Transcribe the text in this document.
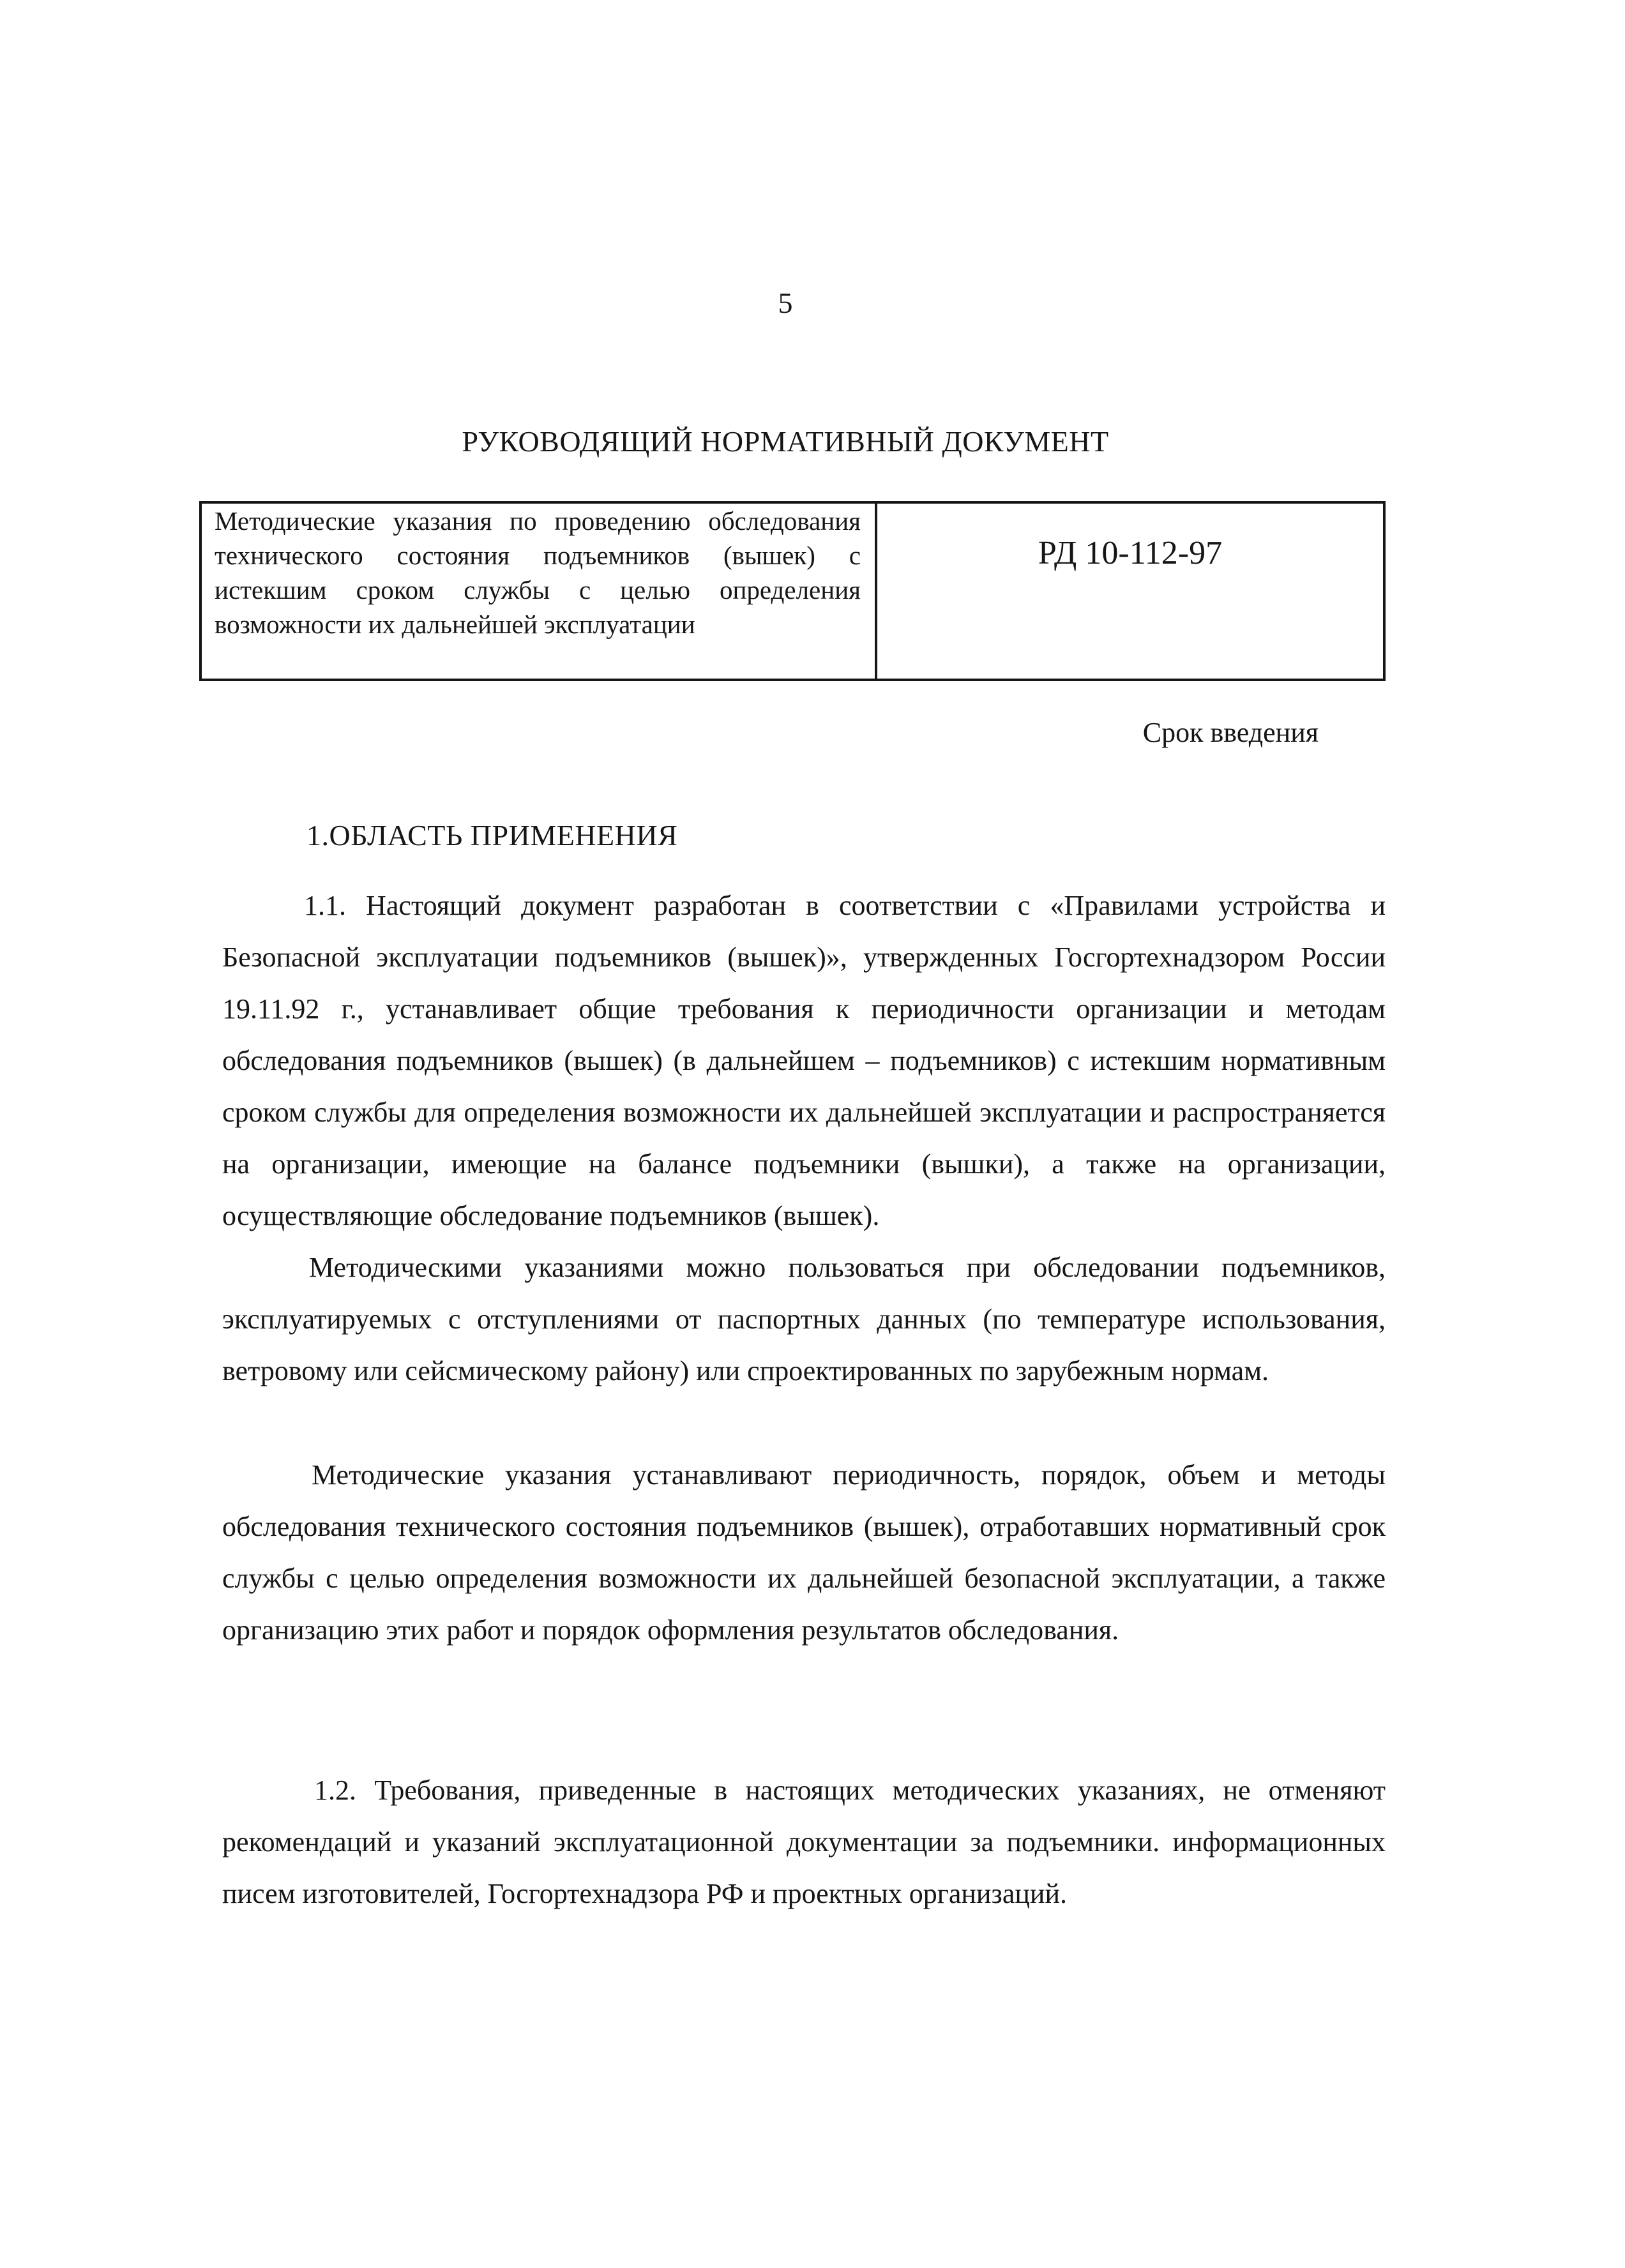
5
РУКОВОДЯЩИЙ НОРМАТИВНЫЙ ДОКУМЕНТ
Методические указания по проведению обследования технического состояния подъемников (вышек) с истекшим сроком службы с целью определения возможности их дальнейшей эксплуатации
РД 10-112-97
Срок введения
1.ОБЛАСТЬ ПРИМЕНЕНИЯ

1.1. Настоящий документ разработан в соответствии с «Правилами устройства и Безопасной эксплуатации подъемников (вышек)», утвержденных Госгортехнадзором России 19.11.92 г., устанавливает общие требования к периодичности организации и методам обследования подъемников (вышек) (в дальнейшем – подъемников) с истекшим нормативным сроком службы для определения возможности их дальнейшей эксплуатации и распространяется на организации, имеющие на балансе подъемники (вышки), а также на организации, осуществляющие обследование подъемников (вышек).

Методическими указаниями можно пользоваться при обследовании подъемников, эксплуатируемых с отступлениями от паспортных данных (по температуре использования, ветровому или сейсмическому району) или спроектированных по зарубежным нормам.

Методические указания устанавливают периодичность, порядок, объем и методы обследования технического состояния подъемников (вышек), отработавших нормативный срок службы с целью определения возможности их дальнейшей безопасной эксплуатации, а также организацию этих работ и порядок оформления результатов обследования.

1.2. Требования, приведенные в настоящих методических указаниях, не отменяют рекомендаций и указаний эксплуатационной документации за подъемники. информационных писем изготовителей, Госгортехнадзора РФ и проектных организаций.
